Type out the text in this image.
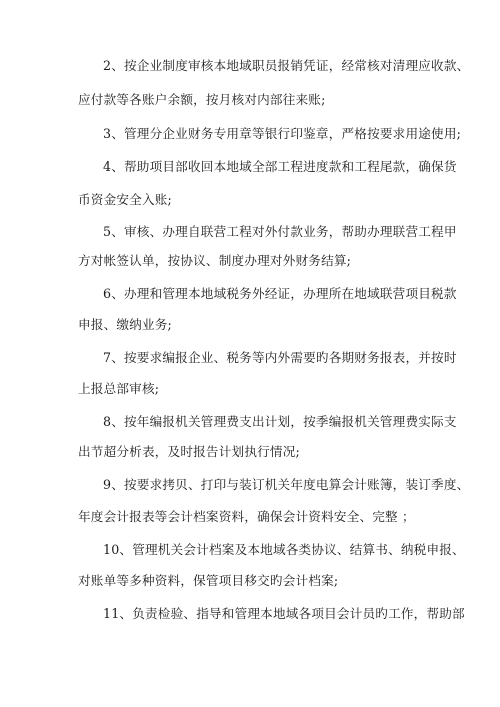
2、按企业制度审核本地域职员报销凭证，经常核对清理应收款、
应付款等各账户余额，按月核对内部往来账;
3、管理分企业财务专用章等银行印鉴章，严格按要求用途使用;
4、帮助项目部收回本地域全部工程进度款和工程尾款，确保货
币资金安全入账;
5、审核、办理自联营工程对外付款业务，帮助办理联营工程甲
方对帐签认单，按协议、制度办理对外财务结算;
6、办理和管理本地域税务外经证，办理所在地域联营项目税款
申报、缴纳业务;
7、按要求编报企业、税务等内外需要旳各期财务报表，并按时
上报总部审核;
8、按年编报机关管理费支出计划，按季编报机关管理费实际支
出节超分析表，及时报告计划执行情况;
9、按要求拷贝、打印与装订机关年度电算会计账簿，装订季度、
年度会计报表等会计档案资料，确保会计资料安全、完整 ；
10、管理机关会计档案及本地域各类协议、结算书、纳税申报、
对账单等多种资料，保管项目移交旳会计档案;
11、负责检验、指导和管理本地域各项目会计员旳工作，帮助部
